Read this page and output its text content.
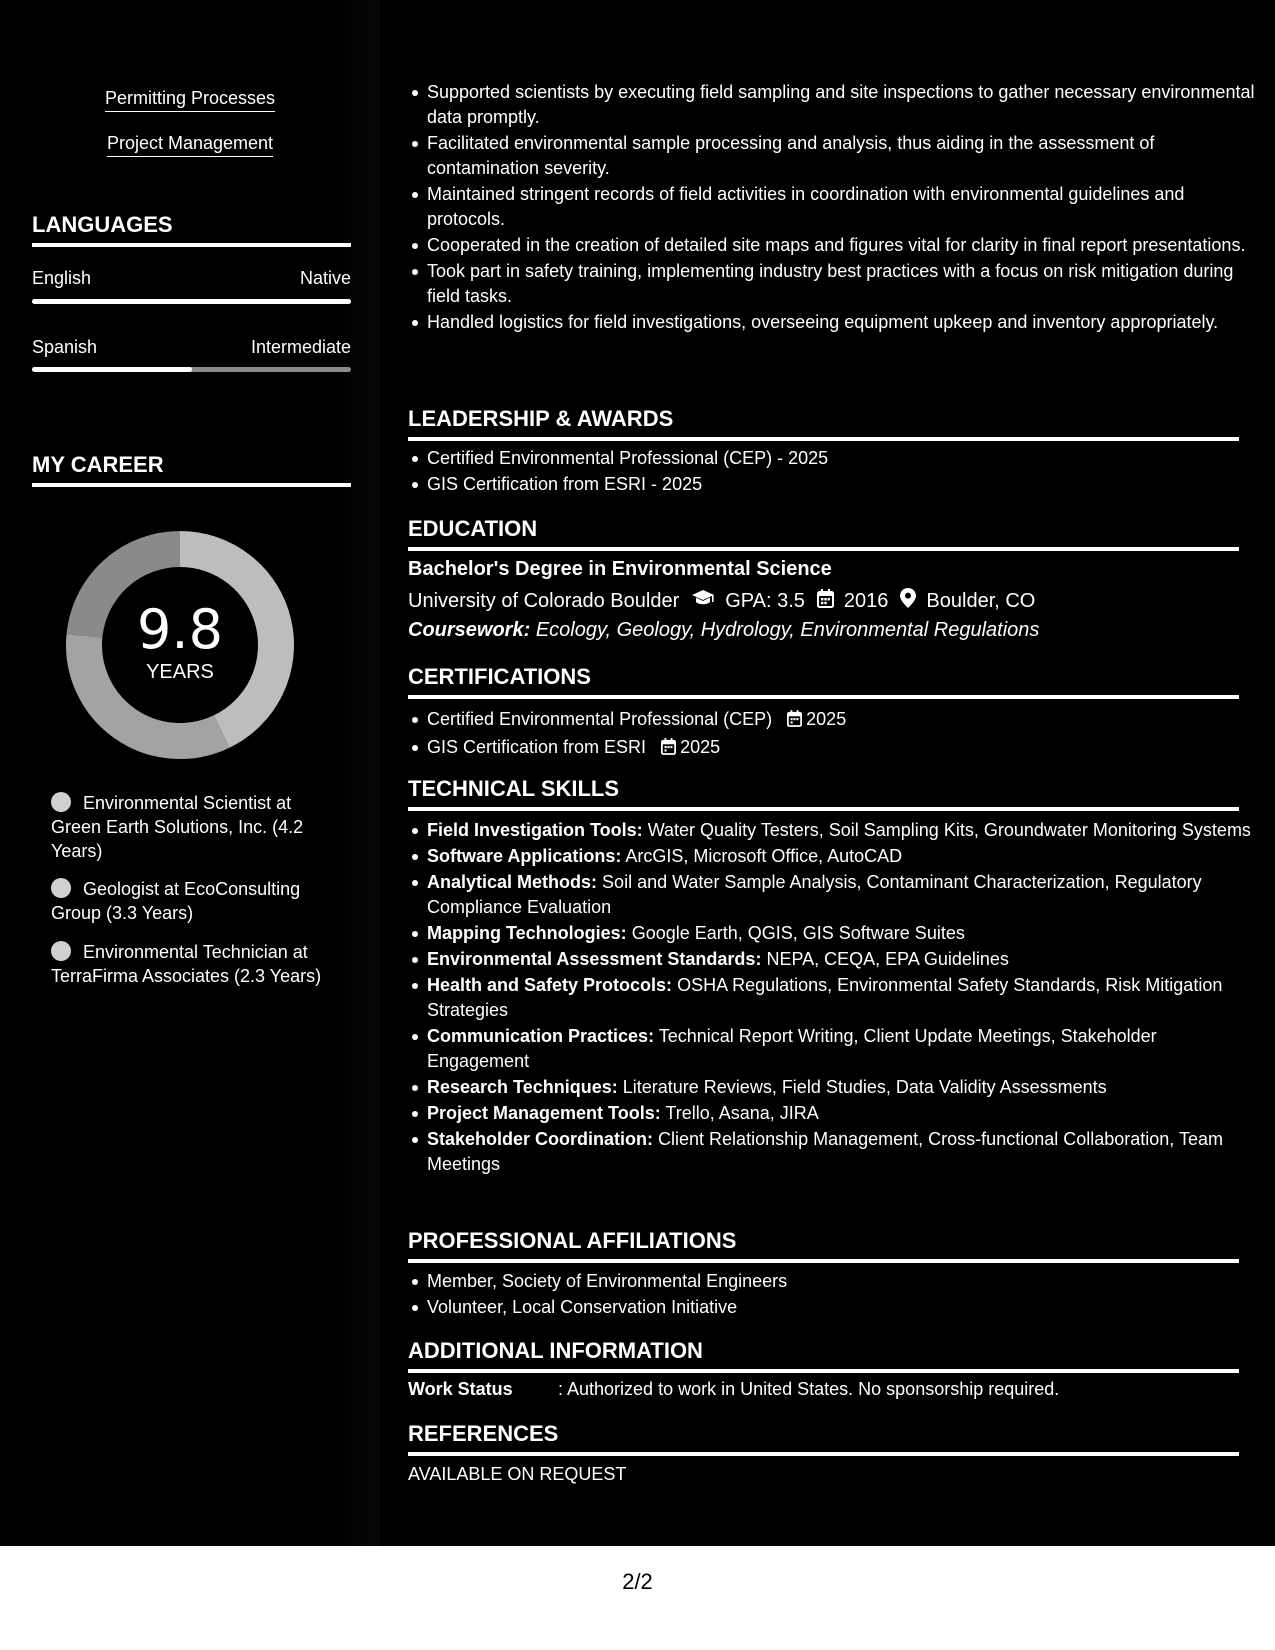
Permitting Processes
Project Management
LANGUAGES
English	Native
Spanish	Intermediate
MY CAREER
9.8
YEARS
Environmental Scientist at Green Earth Solutions, Inc. (4.2 Years)
Geologist at EcoConsulting Group (3.3 Years)
Environmental Technician at TerraFirma Associates (2.3 Years)
Supported scientists by executing field sampling and site inspections to gather necessary environmental data promptly.
Facilitated environmental sample processing and analysis, thus aiding in the assessment of contamination severity.
Maintained stringent records of field activities in coordination with environmental guidelines and protocols.
Cooperated in the creation of detailed site maps and figures vital for clarity in final report presentations.
Took part in safety training, implementing industry best practices with a focus on risk mitigation during field tasks.
Handled logistics for field investigations, overseeing equipment upkeep and inventory appropriately.
LEADERSHIP & AWARDS
Certified Environmental Professional (CEP) - 2025
GIS Certification from ESRI - 2025
EDUCATION
Bachelor's Degree in Environmental Science
University of Colorado Boulder GPA: 3.5 2016 Boulder, CO
Coursework: Ecology, Geology, Hydrology, Environmental Regulations
CERTIFICATIONS
Certified Environmental Professional (CEP) 2025
GIS Certification from ESRI 2025
TECHNICAL SKILLS
Field Investigation Tools: Water Quality Testers, Soil Sampling Kits, Groundwater Monitoring Systems
Software Applications: ArcGIS, Microsoft Office, AutoCAD
Analytical Methods: Soil and Water Sample Analysis, Contaminant Characterization, Regulatory Compliance Evaluation
Mapping Technologies: Google Earth, QGIS, GIS Software Suites
Environmental Assessment Standards: NEPA, CEQA, EPA Guidelines
Health and Safety Protocols: OSHA Regulations, Environmental Safety Standards, Risk Mitigation Strategies
Communication Practices: Technical Report Writing, Client Update Meetings, Stakeholder Engagement
Research Techniques: Literature Reviews, Field Studies, Data Validity Assessments
Project Management Tools: Trello, Asana, JIRA
Stakeholder Coordination: Client Relationship Management, Cross-functional Collaboration, Team Meetings
PROFESSIONAL AFFILIATIONS
Member, Society of Environmental Engineers
Volunteer, Local Conservation Initiative
ADDITIONAL INFORMATION
Work Status	: Authorized to work in United States. No sponsorship required.
REFERENCES
AVAILABLE ON REQUEST
2/2
